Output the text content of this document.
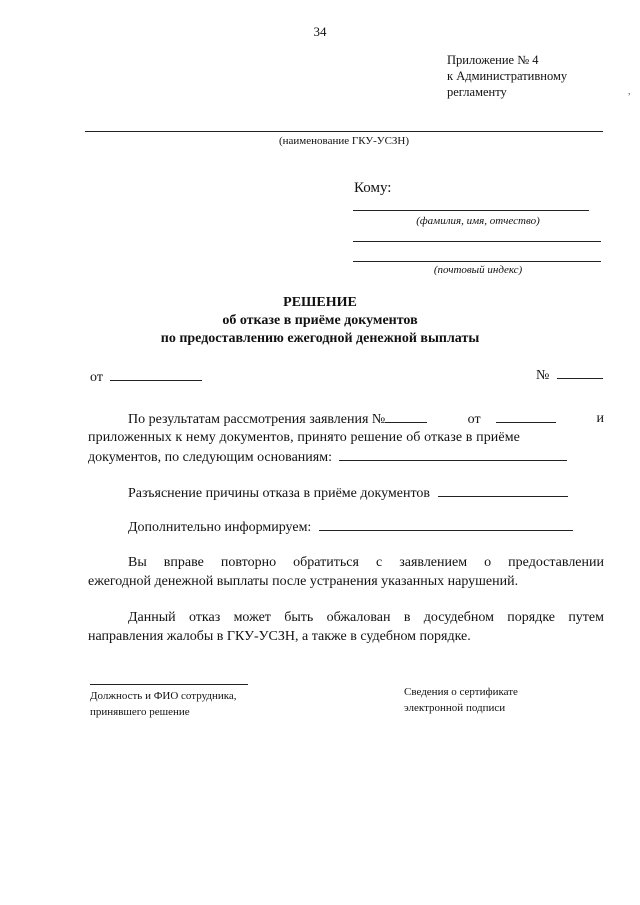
34
Приложение № 4
к Административному
регламенту
(наименование ГКУ-УСЗН)
Кому:
(фамилия, имя, отчество)
(почтовый индекс)
РЕШЕНИЕ
об отказе в приёме документов
по предоставлению ежегодной денежной выплаты
от	№
По результатам рассмотрения заявления №	от	и
приложенных к нему документов, принято решение об отказе в приёме
документов, по следующим основаниям:
Разъяснение причины отказа в приёме документов
Дополнительно информируем:
Вы вправе повторно обратиться с заявлением о предоставлении
ежегодной денежной выплаты после устранения указанных нарушений.
Данный отказ может быть обжалован в досудебном порядке путем
направления жалобы в ГКУ-УСЗН, а также в судебном порядке.
Должность и ФИО сотрудника,
принявшего решение
Сведения о сертификате
электронной подписи
,
